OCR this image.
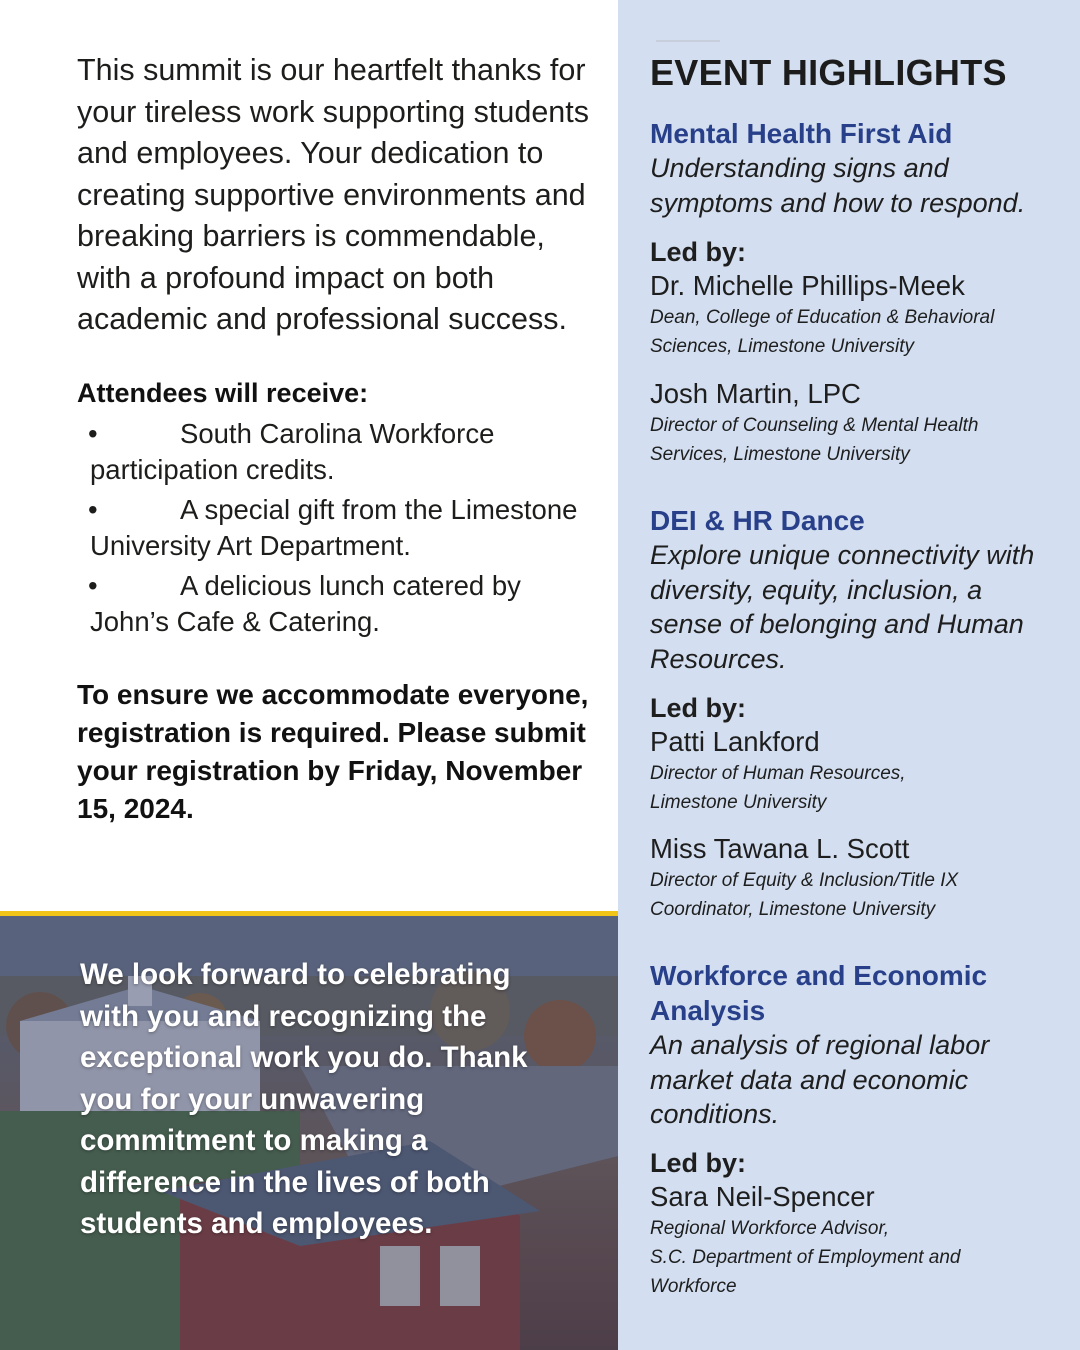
This summit is our heartfelt thanks for your tireless work supporting students and employees. Your dedication to creating supportive environments and breaking barriers is commendable, with a profound impact on both academic and professional success.

Attendees will receive:
•	South Carolina Workforce
participation credits.
•	A special gift from the Limestone
University Art Department.
•	A delicious lunch catered by
John’s Cafe & Catering.

To ensure we accommodate everyone, registration is required. Please submit your registration by Friday, November 15, 2024.

We look forward to celebrating with you and recognizing the exceptional work you do. Thank you for your unwavering commitment to making a difference in the lives of both students and employees.

EVENT HIGHLIGHTS
Mental Health First Aid
Understanding signs and symptoms and how to respond.
Led by:
Dr. Michelle Phillips-Meek
Dean, College of Education & Behavioral
Sciences, Limestone University
Josh Martin, LPC
Director of Counseling & Mental Health
Services, Limestone University
DEI & HR Dance
Explore unique connectivity with diversity, equity, inclusion, a sense of belonging and Human Resources.
Led by:
Patti Lankford
Director of Human Resources,
Limestone University
Miss Tawana L. Scott
Director of Equity & Inclusion/Title IX
Coordinator, Limestone University
Workforce and Economic Analysis
An analysis of regional labor market data and economic conditions.
Led by:
Sara Neil-Spencer
Regional Workforce Advisor,
S.C. Department of Employment and
Workforce
